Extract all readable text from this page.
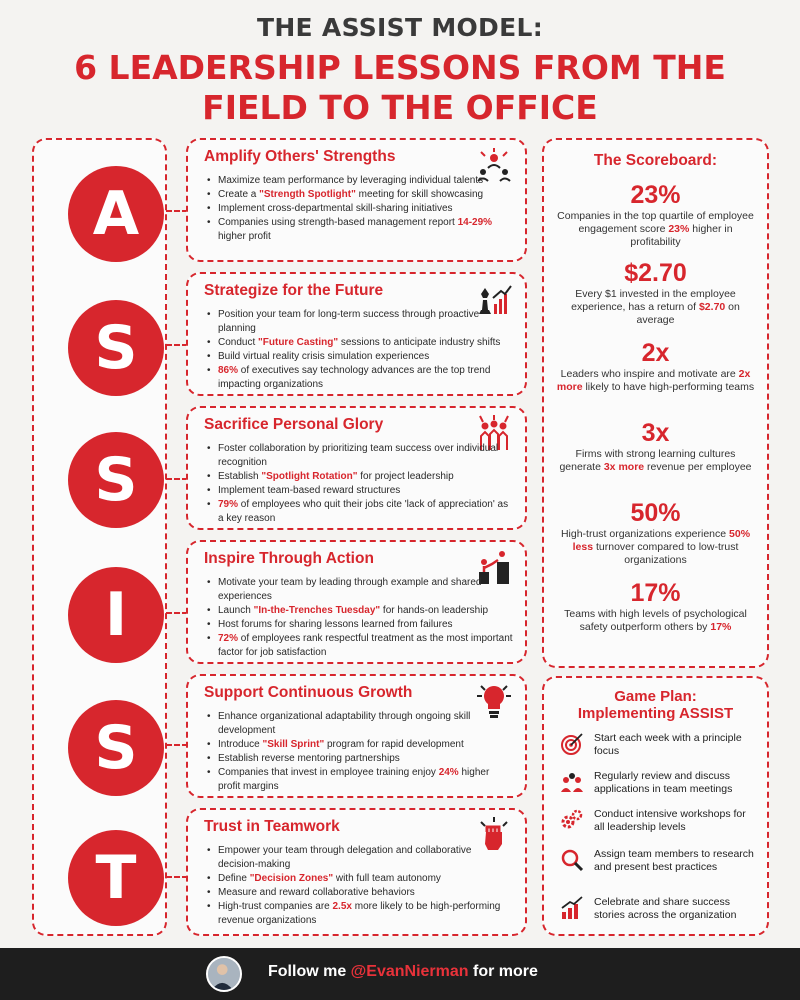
THE ASSIST MODEL:
6 LEADERSHIP LESSONS FROM THE
FIELD TO THE OFFICE
A
S
S
I
S
T
Amplify Others' Strengths
• Maximize team performance by leveraging individual talents
• Create a "Strength Spotlight" meeting for skill showcasing
• Implement cross-departmental skill-sharing initiatives
• Companies using strength-based management report 14-29% higher profit
Strategize for the Future
• Position your team for long-term success through proactive planning
• Conduct "Future Casting" sessions to anticipate industry shifts
• Build virtual reality crisis simulation experiences
• 86% of executives say technology advances are the top trend impacting organizations
Sacrifice Personal Glory
• Foster collaboration by prioritizing team success over individual recognition
• Establish "Spotlight Rotation" for project leadership
• Implement team-based reward structures
• 79% of employees who quit their jobs cite 'lack of appreciation' as a key reason
Inspire Through Action
• Motivate your team by leading through example and shared experiences
• Launch "In-the-Trenches Tuesday" for hands-on leadership
• Host forums for sharing lessons learned from failures
• 72% of employees rank respectful treatment as the most important factor for job satisfaction
Support Continuous Growth
• Enhance organizational adaptability through ongoing skill development
• Introduce "Skill Sprint" program for rapid development
• Establish reverse mentoring partnerships
• Companies that invest in employee training enjoy 24% higher profit margins
Trust in Teamwork
• Empower your team through delegation and collaborative decision-making
• Define "Decision Zones" with full team autonomy
• Measure and reward collaborative behaviors
• High-trust companies are 2.5x more likely to be high-performing revenue organizations
The Scoreboard:
23%
Companies in the top quartile of employee engagement score 23% higher in profitability
$2.70
Every $1 invested in the employee experience, has a return of $2.70 on average
2x
Leaders who inspire and motivate are 2x more likely to have high-performing teams
3x
Firms with strong learning cultures generate 3x more revenue per employee
50%
High-trust organizations experience 50% less turnover compared to low-trust organizations
17%
Teams with high levels of psychological safety outperform others by 17%
Game Plan:
Implementing ASSIST
Start each week with a principle focus
Regularly review and discuss applications in team meetings
Conduct intensive workshops for all leadership levels
Assign team members to research and present best practices
Celebrate and share success stories across the organization
Follow me @EvanNierman for more
